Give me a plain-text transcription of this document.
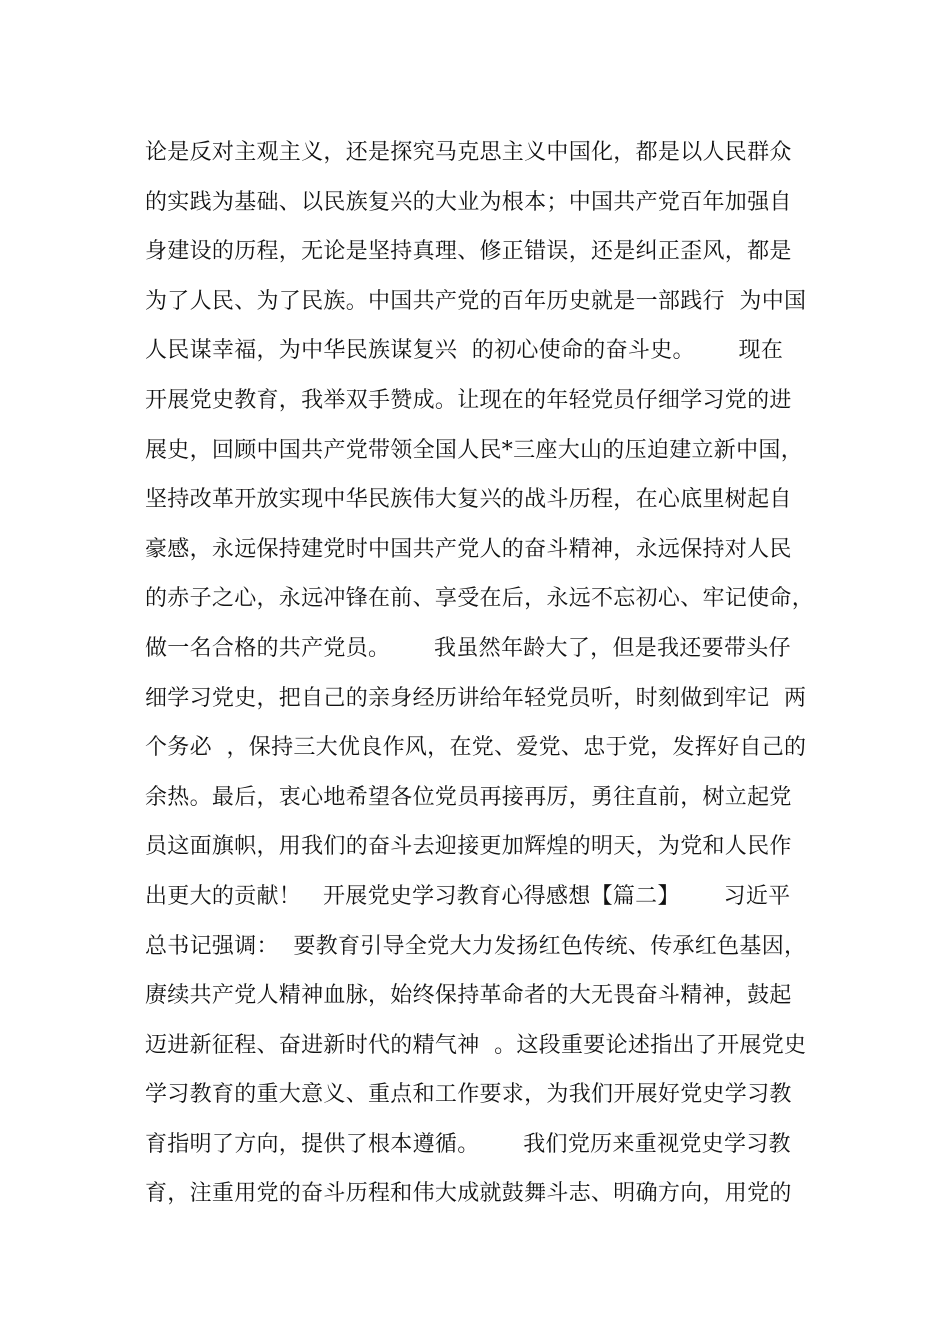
论是反对主观主义，还是探究马克思主义中国化，都是以人民群众
的实践为基础、以民族复兴的大业为根本；中国共产党百年加强自
身建设的历程，无论是坚持真理、修正错误，还是纠正歪风，都是
为了人民、为了民族。中国共产党的百年历史就是一部践行  为中国
人民谋幸福，为中华民族谋复兴  的初心使命的奋斗史。      现在
开展党史教育，我举双手赞成。让现在的年轻党员仔细学习党的进
展史，回顾中国共产党带领全国人民*三座大山的压迫建立新中国，
坚持改革开放实现中华民族伟大复兴的战斗历程，在心底里树起自
豪感，永远保持建党时中国共产党人的奋斗精神，永远保持对人民
的赤子之心，永远冲锋在前、享受在后，永远不忘初心、牢记使命，
做一名合格的共产党员。      我虽然年龄大了，但是我还要带头仔
细学习党史，把自己的亲身经历讲给年轻党员听，时刻做到牢记  两
个务必  ，保持三大优良作风，在党、爱党、忠于党，发挥好自己的
余热。最后，衷心地希望各位党员再接再厉，勇往直前，树立起党
员这面旗帜，用我们的奋斗去迎接更加辉煌的明天，为党和人民作
出更大的贡献！   开展党史学习教育心得感想【篇二】      习近平
总书记强调：  要教育引导全党大力发扬红色传统、传承红色基因，
赓续共产党人精神血脉，始终保持革命者的大无畏奋斗精神，鼓起
迈进新征程、奋进新时代的精气神  。这段重要论述指出了开展党史
学习教育的重大意义、重点和工作要求，为我们开展好党史学习教
育指明了方向，提供了根本遵循。      我们党历来重视党史学习教
育，注重用党的奋斗历程和伟大成就鼓舞斗志、明确方向，用党的
